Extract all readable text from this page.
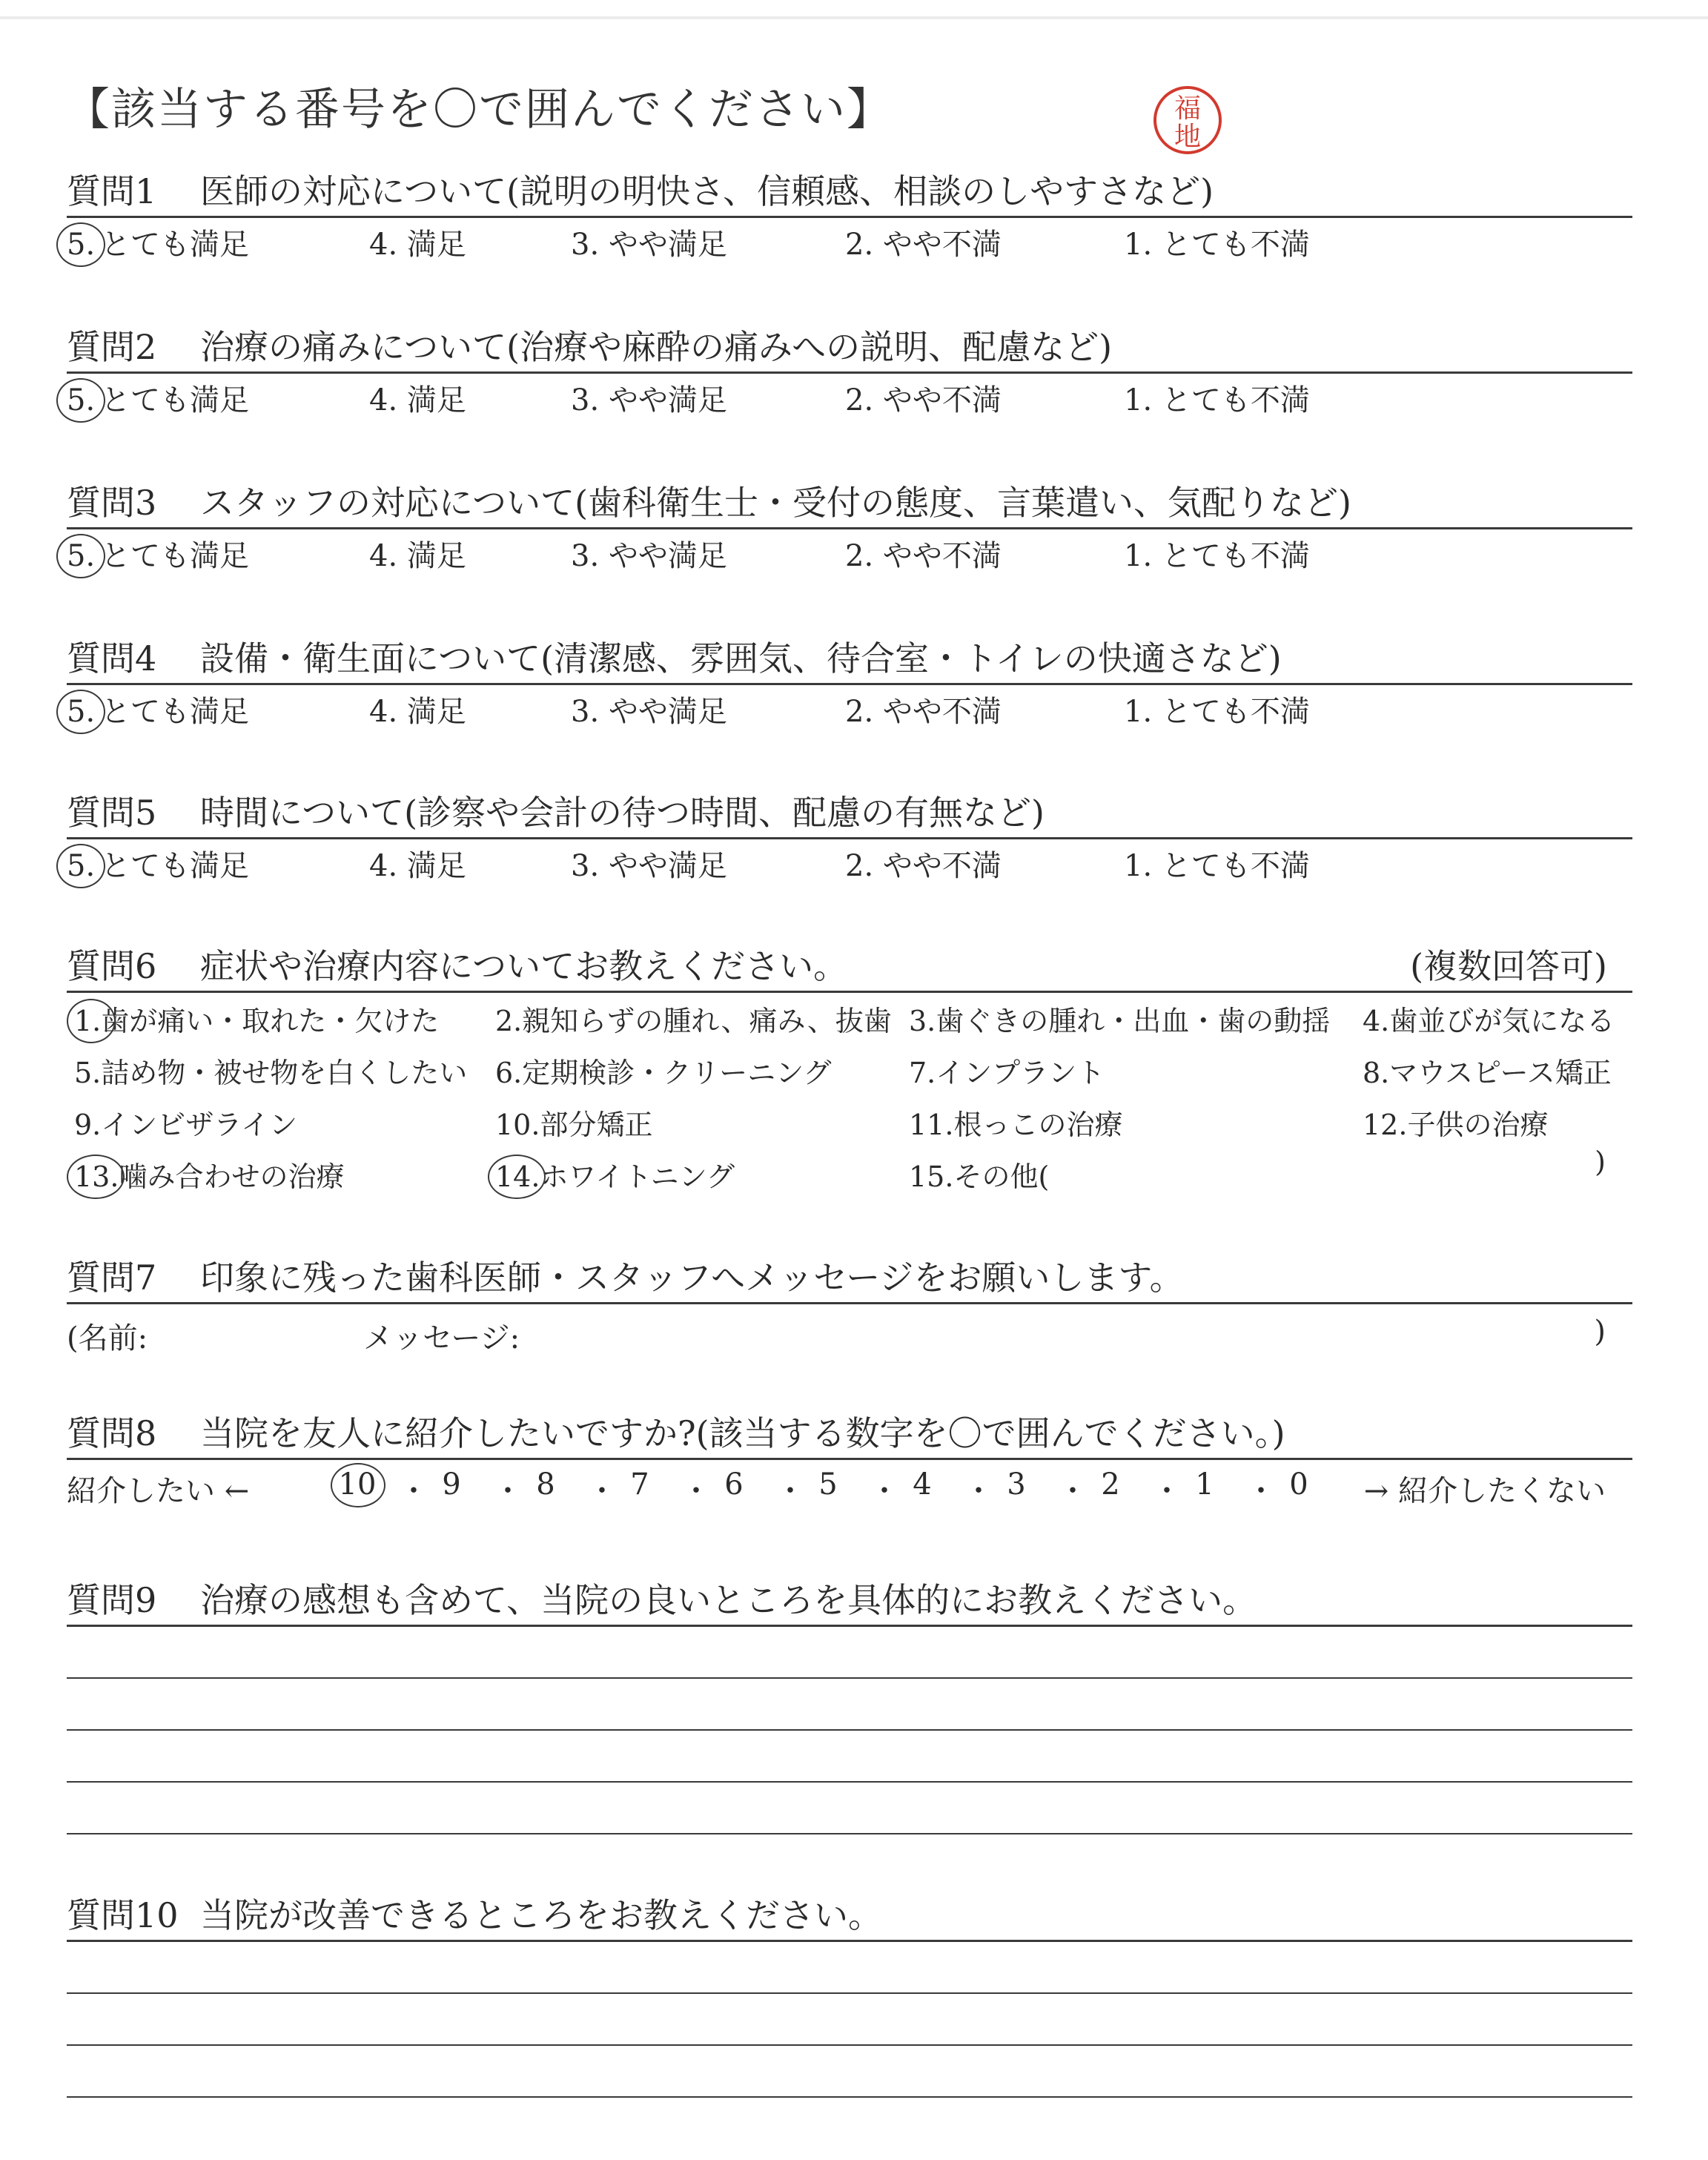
【該当する番号を〇で囲んでください】	福
地
質問1 医師の対応について(説明の明快さ、信頼感、相談のしやすさなど)
5. とても満足	4. 満足	3. やや満足	2. やや不満	1. とても不満
質問2 治療の痛みについて(治療や麻酔の痛みへの説明、配慮など)
5. とても満足	4. 満足	3. やや満足	2. やや不満	1. とても不満
質問3 スタッフの対応について(歯科衛生士・受付の態度、言葉遣い、気配りなど)
5. とても満足	4. 満足	3. やや満足	2. やや不満	1. とても不満
質問4 設備・衛生面について(清潔感、雰囲気、待合室・トイレの快適さなど)
5. とても満足	4. 満足	3. やや満足	2. やや不満	1. とても不満
質問5 時間について(診察や会計の待つ時間、配慮の有無など)
5. とても満足	4. 満足	3. やや満足	2. やや不満	1. とても不満
質問6 症状や治療内容についてお教えください。	(複数回答可)
)
1.歯が痛い・取れた・欠けた 2.親知らずの腫れ、痛み、抜歯 3.歯ぐきの腫れ・出血・歯の動揺 4.歯並びが気になる
5.詰め物・被せ物を白くしたい 6.定期検診・クリーニング	7.インプラント	8.マウスピース矯正
9.インビザライン	10.部分矯正	11.根っこの治療	12.子供の治療
13.噛み合わせの治療	14.ホワイトニング	15.その他(
質問7 印象に残った歯科医師・スタッフへメッセージをお願いします。
(名前:	メッセージ:	)
質問8 当院を友人に紹介したいですか?(該当する数字を〇で囲んでください。)
紹介したい ←	→ 紹介したくない
10 ・ 9	・ 8	・ 7	・ 6	・ 5	・ 4	・ 3	・ 2	・ 1	・ 0
質問9 治療の感想も含めて、当院の良いところを具体的にお教えください。
質問10 当院が改善できるところをお教えください。
